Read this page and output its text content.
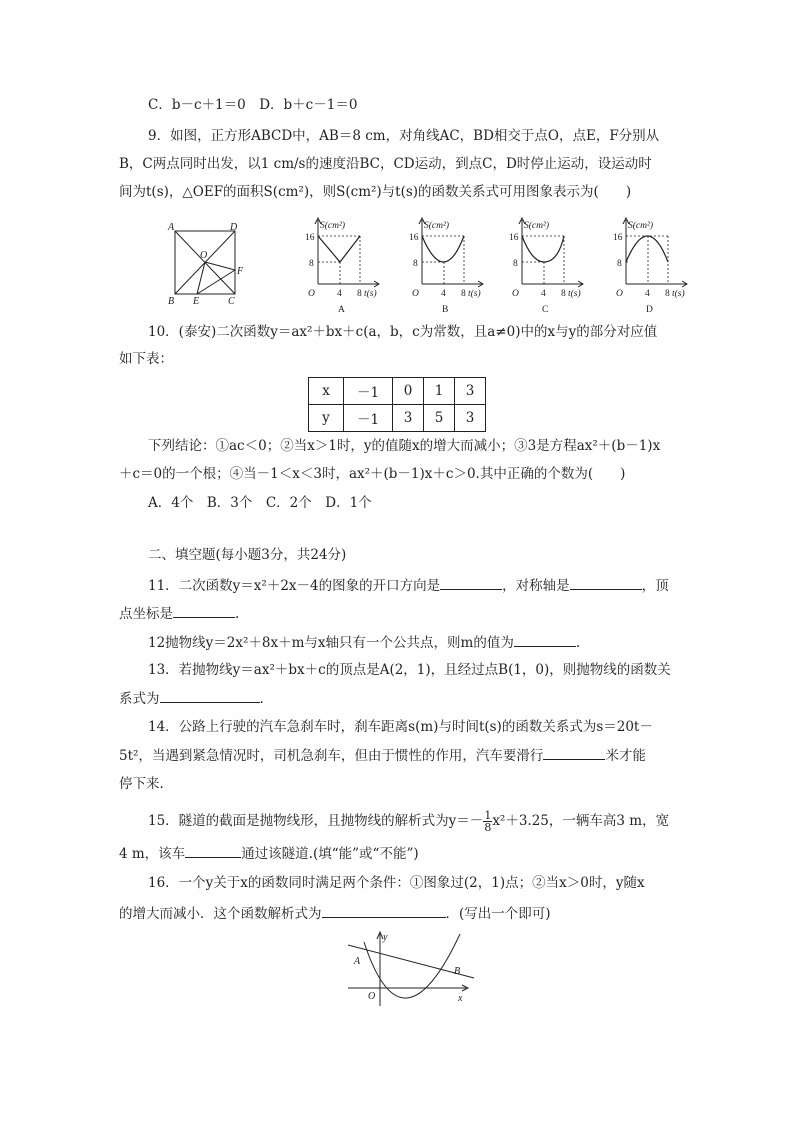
C．b－c＋1＝0　D．b＋c－1＝0
9．如图，正方形ABCD中，AB＝8 cm，对角线AC，BD相交于点O，点E，F分别从
B，C两点同时出发，以1 cm/s的速度沿BC，CD运动，到点C，D时停止运动，设运动时
间为t(s)，△OEF的面积S(cm²)，则S(cm²)与t(s)的函数关系式可用图象表示为(　　)
A	D
B	C
O
E
F
S(cm²)
16
8
O 4 8 t(s)
A
S(cm²)
16
8
O 4 8 t(s)
B
S(cm²)
16
8
O 4 8 t(s)
C
S(cm²)
16
8
O 4 8 t(s)
D
10．(泰安)二次函数y＝ax²＋bx＋c(a，b，c为常数，且a≠0)中的x与y的部分对应值
如下表：
x	－1	0	1	3
y	－1	3	5	3
下列结论：①ac＜0；②当x＞1时，y的值随x的增大而减小；③3是方程ax²＋(b－1)x
＋c＝0的一个根；④当－1＜x＜3时，ax²＋(b－1)x＋c＞0.其中正确的个数为(　　)
A．4个　B．3个　C．2个　D．1个
二、填空题(每小题3分，共24分)
11．二次函数y＝x²＋2x－4的图象的开口方向是	，对称轴是	，顶
点坐标是	.
12抛物线y＝2x²＋8x＋m与x轴只有一个公共点，则m的值为	.
13．若抛物线y＝ax²＋bx＋c的顶点是A(2，1)，且经过点B(1，0)，则抛物线的函数关
系式为	.
14．公路上行驶的汽车急刹车时，刹车距离s(m)与时间t(s)的函数关系式为s＝20t－
5t²，当遇到紧急情况时，司机急刹车，但由于惯性的作用，汽车要滑行	米才能
停下来.
15．隧道的截面是抛物线形，且抛物线的解析式为$y=- \frac{1}{8} x^2+3.25$，一辆车高3 m，宽
4 m，该车	通过该隧道.(填“能”或“不能”)
16．一个y关于x的函数同时满足两个条件：①图象过(2，1)点；②当x＞0时，y随x
的增大而减小．这个函数解析式为	．(写出一个即可)
y
x
O
A
B
